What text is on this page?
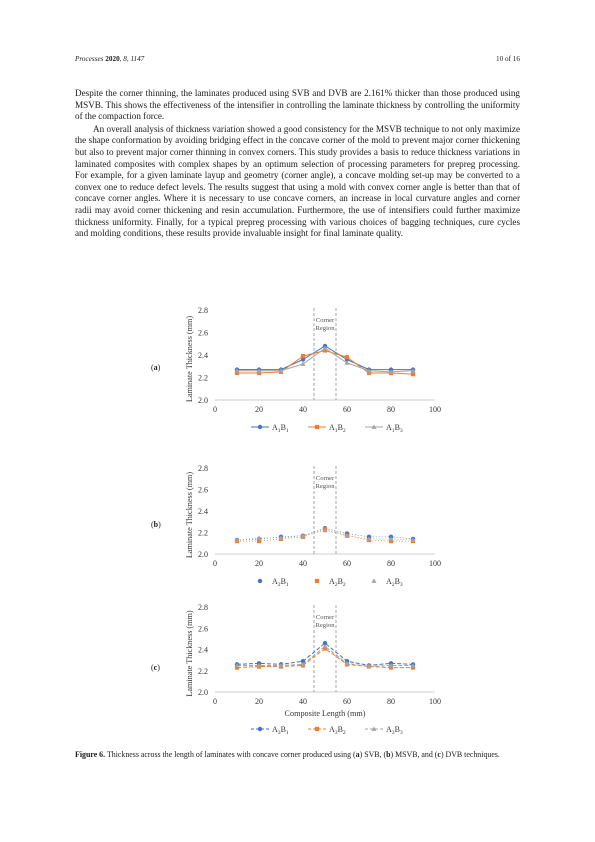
Processes 2020, 8, 1147	10 of 16

Despite the corner thinning, the laminates produced using SVB and DVB are 2.161% thicker than those produced using MSVB. This shows the effectiveness of the intensifier in controlling the laminate thickness by controlling the uniformity of the compaction force.

An overall analysis of thickness variation showed a good consistency for the MSVB technique to not only maximize the shape conformation by avoiding bridging effect in the concave corner of the mold to prevent major corner thickening but also to prevent major corner thinning in convex corners. This study provides a basis to reduce thickness variations in laminated composites with complex shapes by an optimum selection of processing parameters for prepreg processing. For example, for a given laminate layup and geometry (corner angle), a concave molding set-up may be converted to a convex one to reduce defect levels. The results suggest that using a mold with convex corner angle is better than that of concave corner angles. Where it is necessary to use concave corners, an increase in local curvature angles and corner radii may avoid corner thickening and resin accumulation. Furthermore, the use of intensifiers could further maximize thickness uniformity. Finally, for a typical prepreg processing with various choices of bagging techniques, cure cycles and molding conditions, these results provide invaluable insight for final laminate quality.

(a)
(b)
(c)
Laminate Thickness (mm) 2.0
2.2
2.4
2.6
2.8
0	20	40	60	80	100
Corner
Region
$A_1B_1$	$A_1B_2$	$A_1B_3$
Laminate Thickness (mm) 2.0
2.2
2.4
2.6
2.8
0	20	40	60	80	100
Corner
Region
$A_2B_1$	$A_2B_2$	$A_2B_3$
Laminate Thickness (mm) 2.0
2.2
2.4
2.6
2.8
0	20	40	60	80	100
Composite Length (mm)
Corner
Region
$A_3B_1$	$A_3B_2$	$A_3B_3$
Figure 6. Thickness across the length of laminates with concave corner produced using (a) SVB, (b) MSVB, and (c) DVB techniques.
